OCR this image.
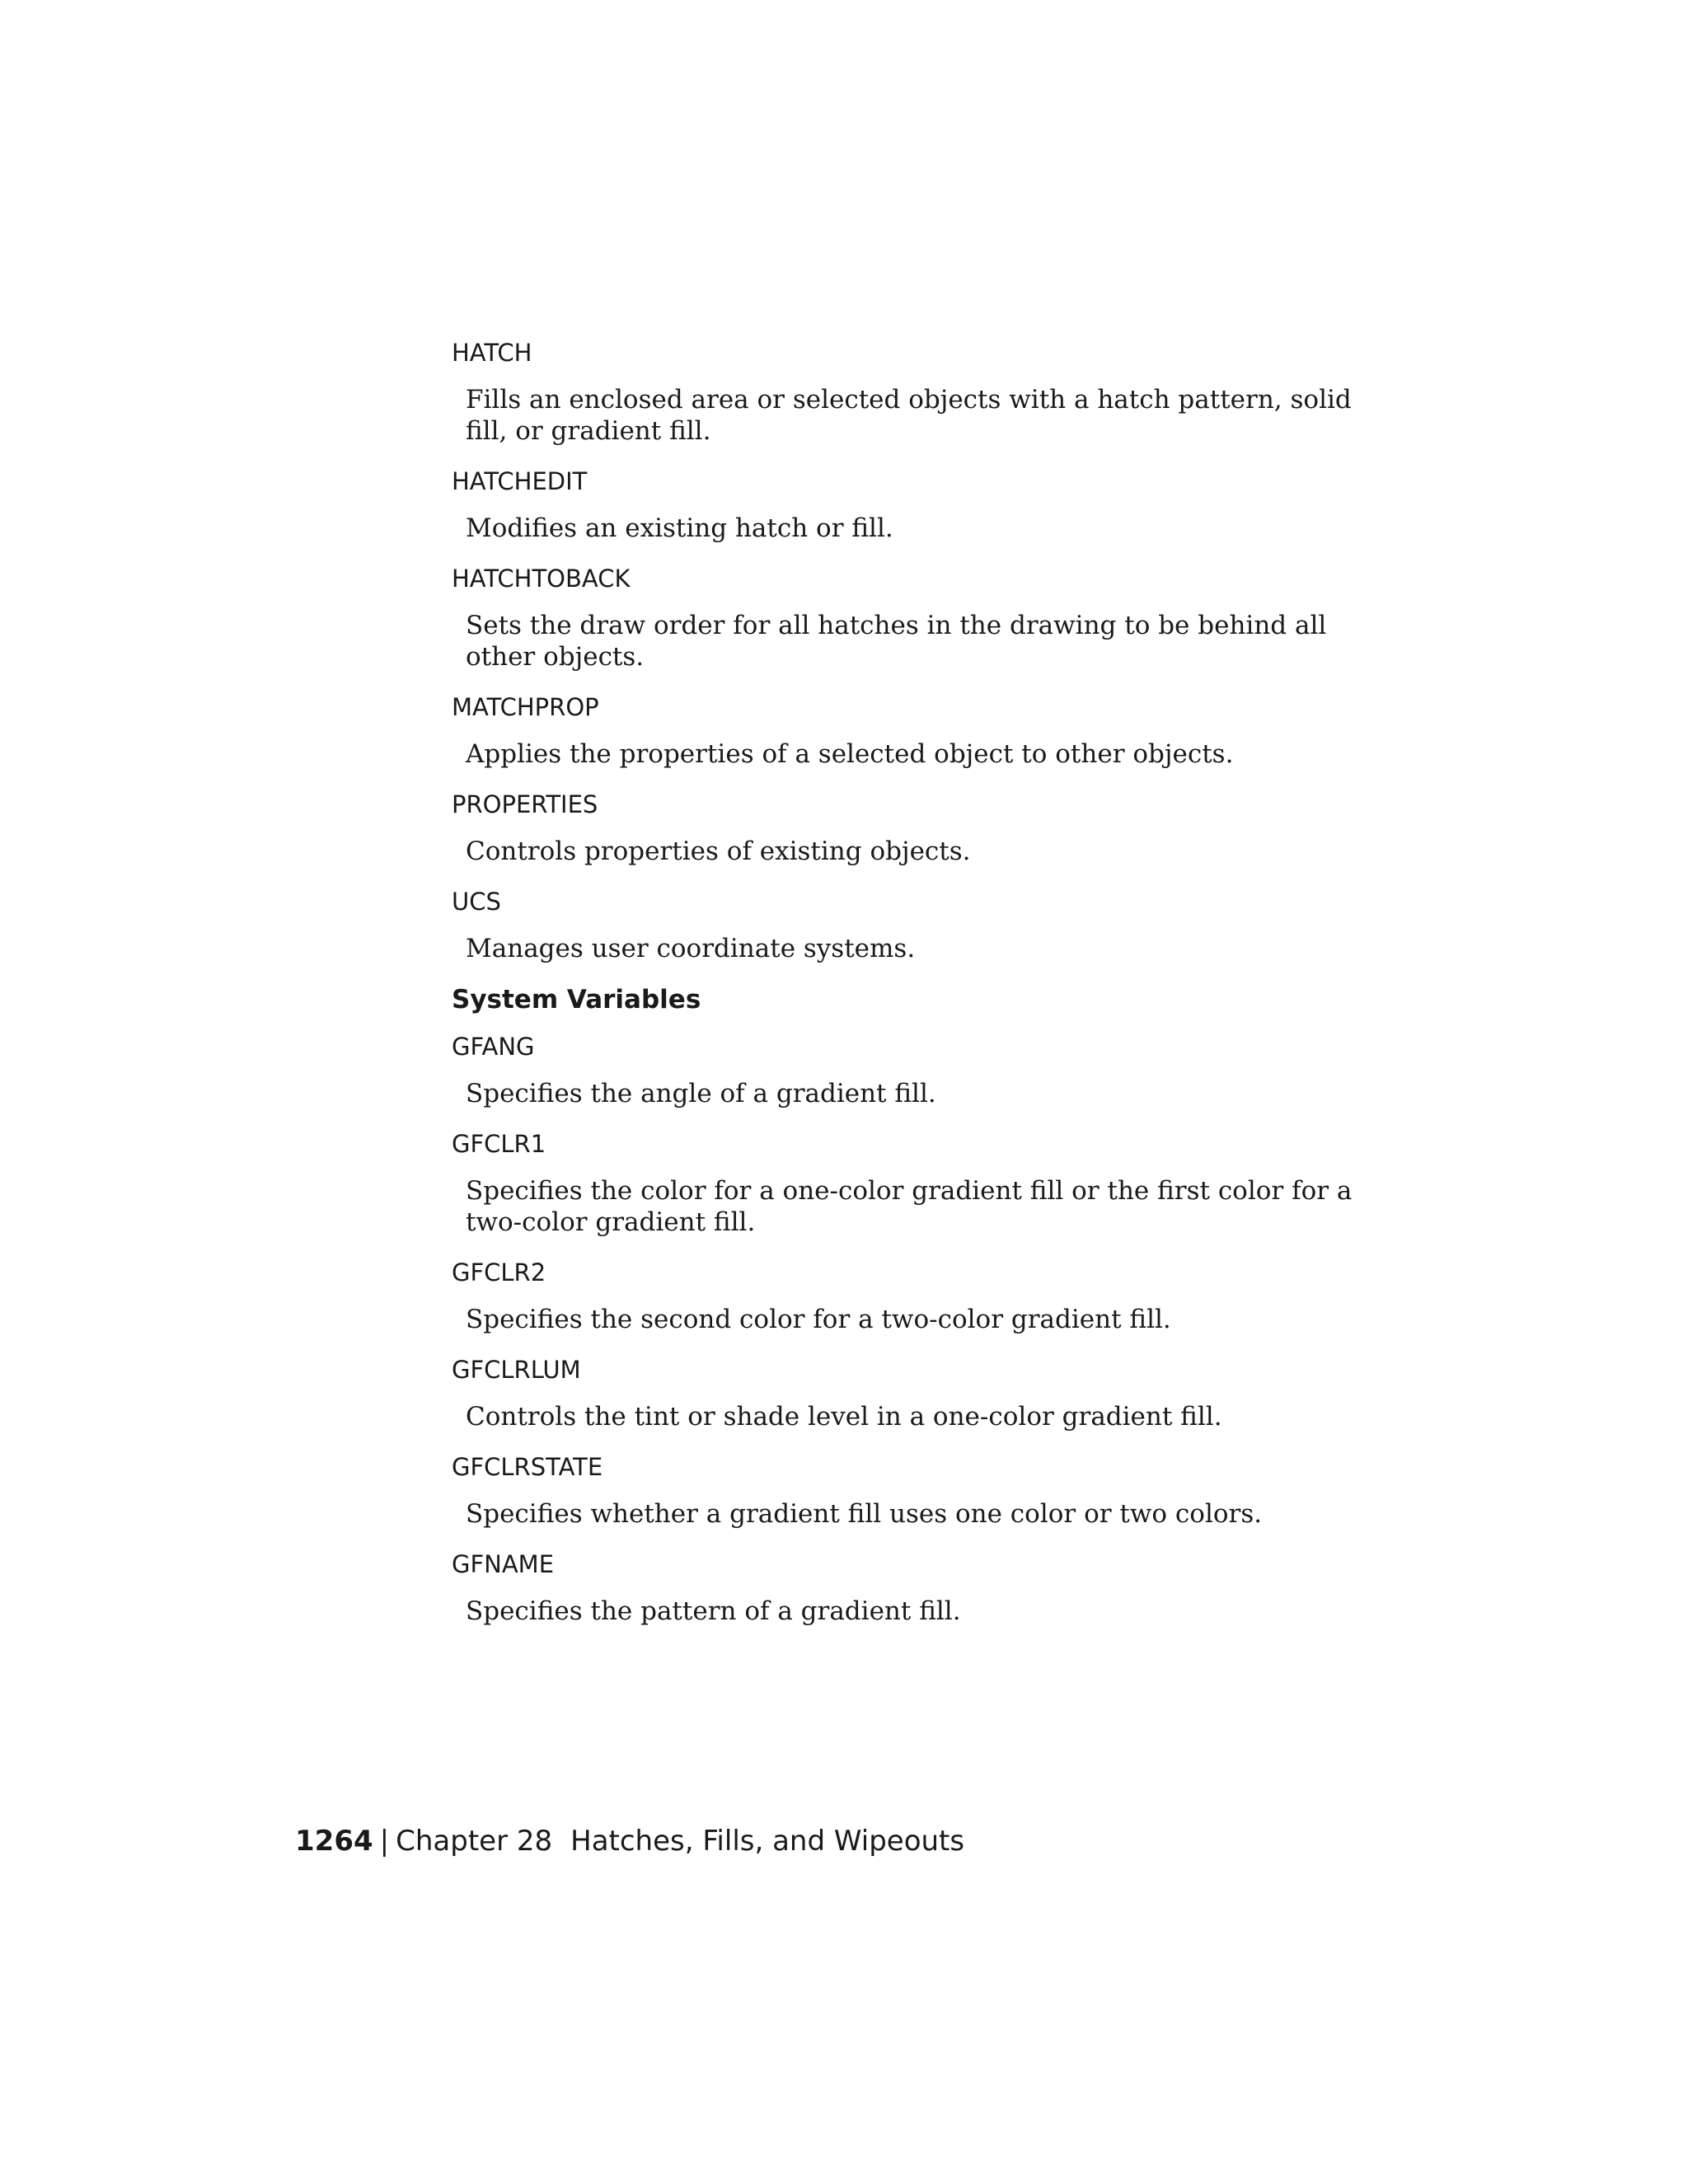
HATCH
Fills an enclosed area or selected objects with a hatch pattern, solid fill, or gradient fill.
HATCHEDIT
Modifies an existing hatch or fill.
HATCHTOBACK
Sets the draw order for all hatches in the drawing to be behind all other objects.
MATCHPROP
Applies the properties of a selected object to other objects.
PROPERTIES
Controls properties of existing objects.
UCS
Manages user coordinate systems.
System Variables
GFANG
Specifies the angle of a gradient fill.
GFCLR1
Specifies the color for a one-color gradient fill or the first color for a two-color gradient fill.
GFCLR2
Specifies the second color for a two-color gradient fill.
GFCLRLUM
Controls the tint or shade level in a one-color gradient fill.
GFCLRSTATE
Specifies whether a gradient fill uses one color or two colors.
GFNAME
Specifies the pattern of a gradient fill.
1264 | Chapter 28 Hatches, Fills, and Wipeouts
